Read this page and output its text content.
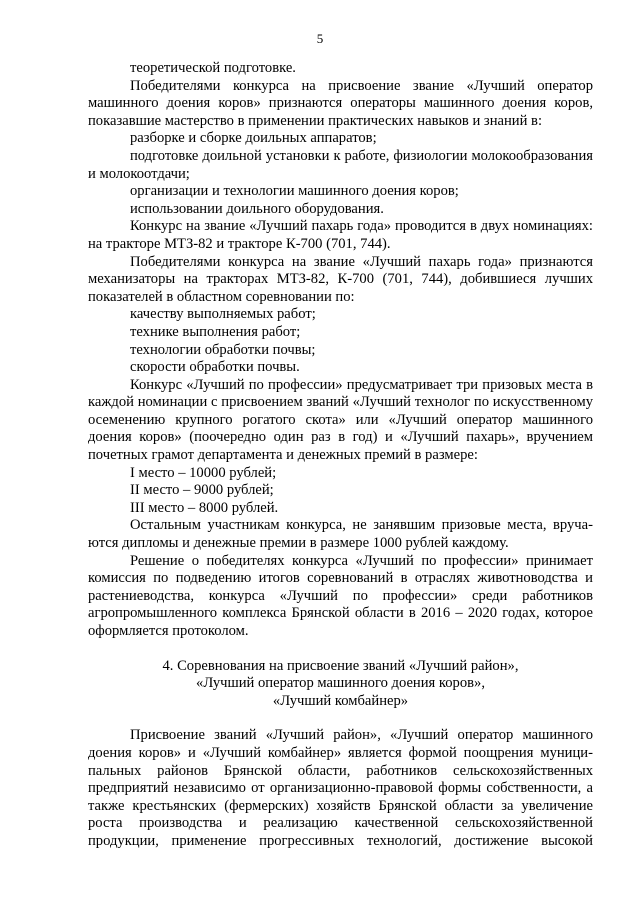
5

теоретической подготовке.

Победителями конкурса на присвоение звание «Лучший оператор машинного доения коров» признаются операторы машинного доения коров, показавшие мастерство в применении практических навыков и знаний в:

разборке и сборке доильных аппаратов;

подготовке доильной установки к работе, физиологии молокообразования и молокоотдачи;

организации и технологии машинного доения коров;

использовании доильного оборудования.

Конкурс на звание «Лучший пахарь года» проводится в двух номинациях: на тракторе МТЗ-82 и тракторе К-700 (701, 744).

Победителями конкурса на звание «Лучший пахарь года» признаются механизаторы на тракторах МТЗ-82, К-700 (701, 744), добившиеся лучших показателей в областном соревновании по:

качеству выполняемых работ;

технике выполнения работ;

технологии обработки почвы;

скорости обработки почвы.

Конкурс «Лучший по профессии» предусматривает три призовых места в каждой номинации с присвоением званий «Лучший технолог по искусственному осеменению крупного рогатого скота» или «Лучший оператор машинного доения коров» (поочередно один раз в год) и «Лучший пахарь», вручением почетных грамот департамента и денежных премий в размере:

I место – 10000 рублей;

II место – 9000 рублей;

III место – 8000 рублей.

Остальным участникам конкурса, не занявшим призовые места, вручаются дипломы и денежные премии в размере 1000 рублей каждому.

Решение о победителях конкурса «Лучший по профессии» принимает комиссия по подведению итогов соревнований в отраслях животноводства и растениеводства, конкурса «Лучший по профессии» среди работников агропромышленного комплекса Брянской области в 2016 – 2020 годах, которое оформляется протоколом.

4. Соревнования на присвоение званий «Лучший район»,

«Лучший оператор машинного доения коров»,

«Лучший комбайнер»

Присвоение званий «Лучший район», «Лучший оператор машинного доения коров» и «Лучший комбайнер» является формой поощрения муниципальных районов Брянской области, работников сельскохозяйственных предприятий независимо от организационно-правовой формы собственности, а также крестьянских (фермерских) хозяйств Брянской области за увеличение роста производства и реализацию качественной сельскохозяйственной продукции, применение прогрессивных технологий, достижение высокой
